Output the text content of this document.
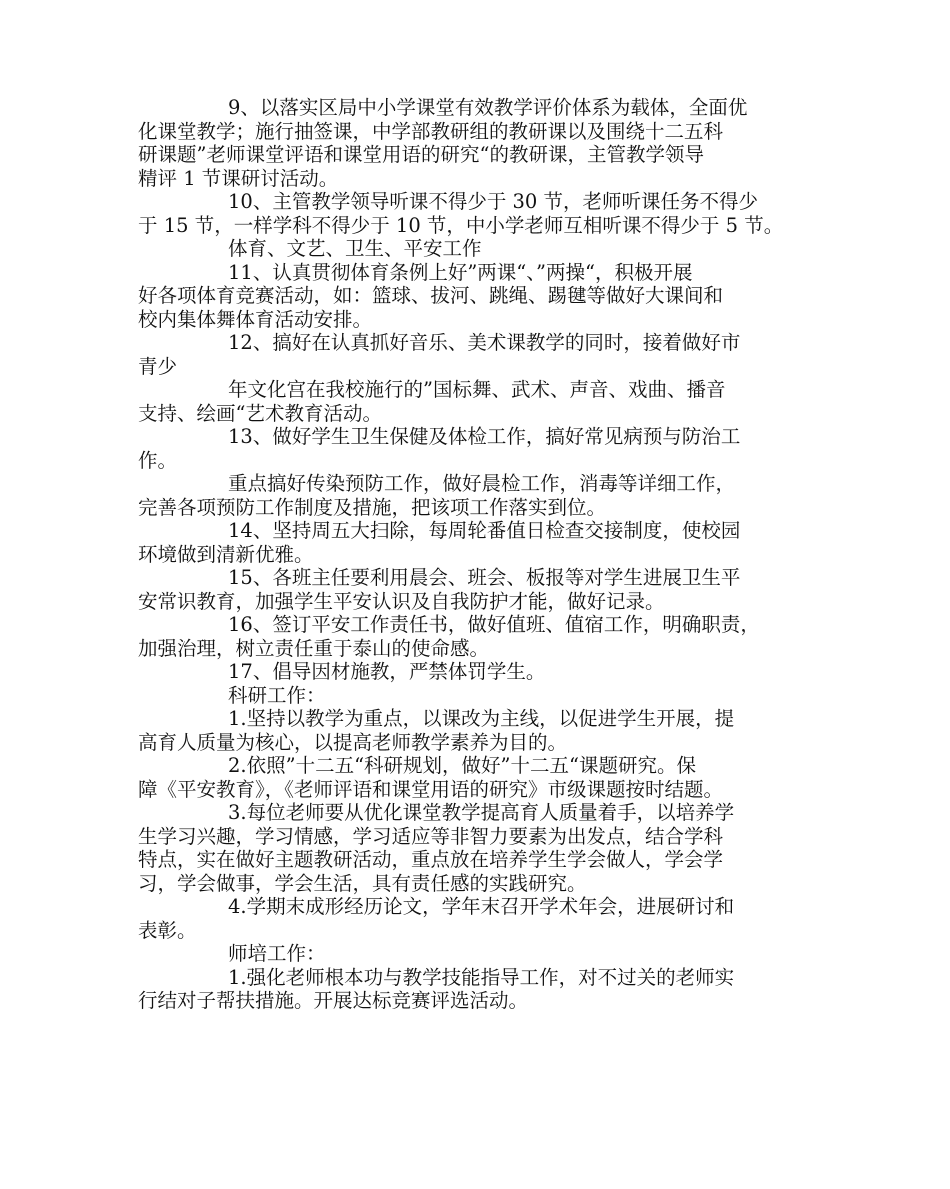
9、以落实区局中小学课堂有效教学评价体系为载体，全面优
化课堂教学；施行抽签课，中学部教研组的教研课以及围绕十二五科
研课题”老师课堂评语和课堂用语的研究“的教研课，主管教学领导
精评 1 节课研讨活动。
10、主管教学领导听课不得少于 30 节，老师听课任务不得少
于 15 节，一样学科不得少于 10 节，中小学老师互相听课不得少于 5 节。
体育、文艺、卫生、平安工作
11、认真贯彻体育条例上好”两课“、”两操“，积极开展
好各项体育竞赛活动，如：篮球、拔河、跳绳、踢毽等做好大课间和
校内集体舞体育活动安排。
12、搞好在认真抓好音乐、美术课教学的同时，接着做好市
青少
年文化宫在我校施行的”国标舞、武术、声音、戏曲、播音
支持、绘画“艺术教育活动。
13、做好学生卫生保健及体检工作，搞好常见病预与防治工
作。
重点搞好传染预防工作，做好晨检工作，消毒等详细工作，
完善各项预防工作制度及措施，把该项工作落实到位。
14、坚持周五大扫除，每周轮番值日检查交接制度，使校园
环境做到清新优雅。
15、各班主任要利用晨会、班会、板报等对学生进展卫生平
安常识教育，加强学生平安认识及自我防护才能，做好记录。
16、签订平安工作责任书，做好值班、值宿工作，明确职责，
加强治理，树立责任重于泰山的使命感。
17、倡导因材施教，严禁体罚学生。
科研工作：
1.坚持以教学为重点，以课改为主线，以促进学生开展，提
高育人质量为核心，以提高老师教学素养为目的。
2.依照”十二五“科研规划，做好”十二五“课题研究。保
障《平安教育》，《老师评语和课堂用语的研究》市级课题按时结题。
3.每位老师要从优化课堂教学提高育人质量着手，以培养学
生学习兴趣，学习情感，学习适应等非智力要素为出发点，结合学科
特点，实在做好主题教研活动，重点放在培养学生学会做人，学会学
习，学会做事，学会生活，具有责任感的实践研究。
4.学期末成形经历论文，学年末召开学术年会，进展研讨和
表彰。
师培工作：
1.强化老师根本功与教学技能指导工作，对不过关的老师实
行结对子帮扶措施。开展达标竞赛评选活动。
